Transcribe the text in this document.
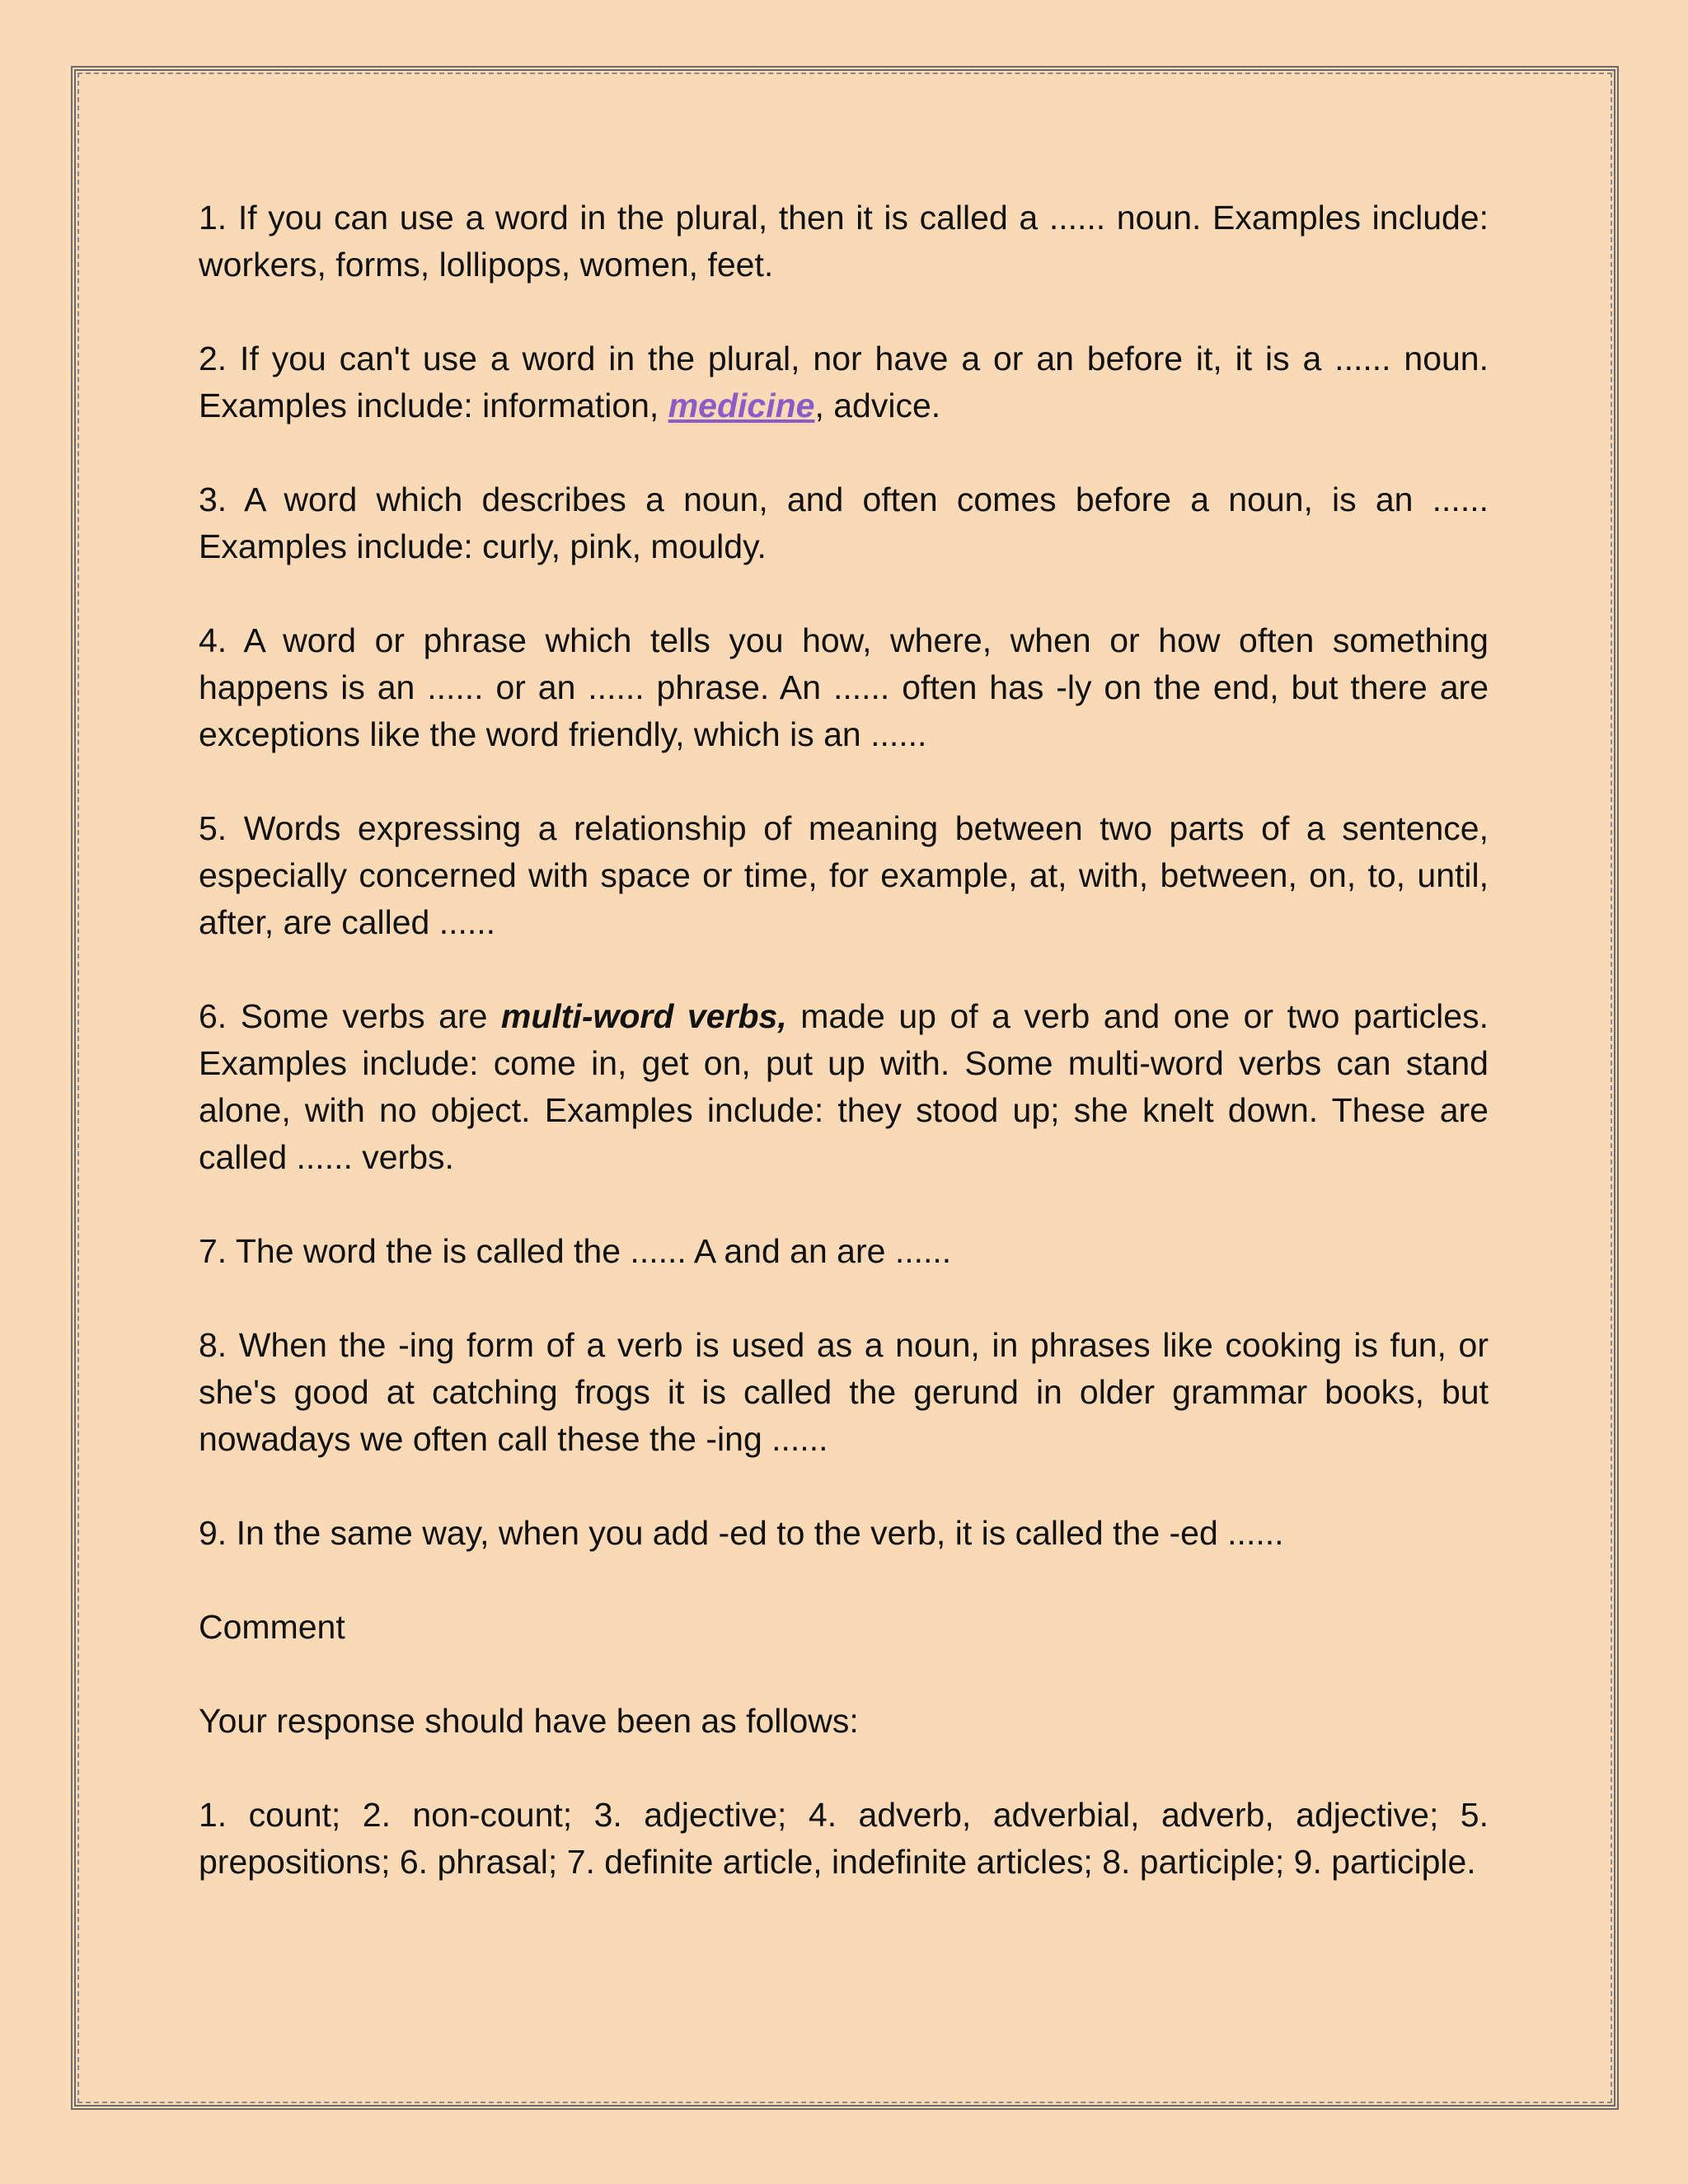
1. If you can use a word in the plural, then it is called a ...... noun. Examples include: workers, forms, lollipops, women, feet.

2. If you can't use a word in the plural, nor have a or an before it, it is a ...... noun. Examples include: information, medicine, advice.

3. A word which describes a noun, and often comes before a noun, is an ...... Examples include: curly, pink, mouldy.

4. A word or phrase which tells you how, where, when or how often something happens is an ...... or an ...... phrase. An ...... often has -ly on the end, but there are exceptions like the word friendly, which is an ......

5. Words expressing a relationship of meaning between two parts of a sentence, especially concerned with space or time, for example, at, with, between, on, to, until, after, are called ......

6. Some verbs are multi-word verbs, made up of a verb and one or two particles. Examples include: come in, get on, put up with. Some multi-word verbs can stand alone, with no object. Examples include: they stood up; she knelt down. These are called ...... verbs.

7. The word the is called the ...... A and an are ......

8. When the -ing form of a verb is used as a noun, in phrases like cooking is fun, or she's good at catching frogs it is called the gerund in older grammar books, but nowadays we often call these the -ing ......

9. In the same way, when you add -ed to the verb, it is called the -ed ......

Comment

Your response should have been as follows:

1. count; 2. non-count; 3. adjective; 4. adverb, adverbial, adverb, adjective; 5. prepositions; 6. phrasal; 7. definite article, indefinite articles; 8. participle; 9. participle.
